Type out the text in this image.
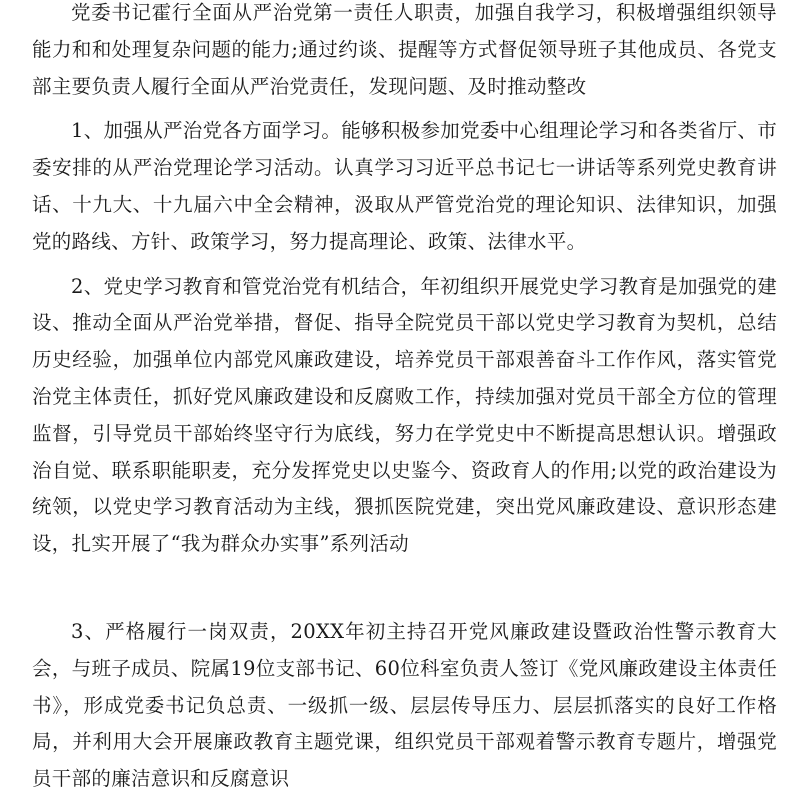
党委书记霍行全面从严治党第一责任人职责，加强自我学习，积极增强组织领导能力和和处理复杂问题的能力;通过约谈、提醒等方式督促领导班子其他成员、各党支部主要负责人履行全面从严治党责任，发现问题、及时推动整改

1、加强从严治党各方面学习。能够积极参加党委中心组理论学习和各类省厅、市委安排的从严治党理论学习活动。认真学习习近平总书记七一讲话等系列党史教育讲话、十九大、十九届六中全会精神，汲取从严管党治党的理论知识、法律知识，加强党的路线、方针、政策学习，努力提高理论、政策、法律水平。

2、党史学习教育和管党治党有机结合，年初组织开展党史学习教育是加强党的建设、推动全面从严治党举措，督促、指导全院党员干部以党史学习教育为契机，总结历史经验，加强单位内部党风廉政建设，培养党员干部艰善奋斗工作作风，落实管党治党主体责任，抓好党风廉政建设和反腐败工作，持续加强对党员干部全方位的管理监督，引导党员干部始终坚守行为底线，努力在学党史中不断提高思想认识。增强政治自觉、联系职能职麦，充分发挥党史以史鉴今、资政育人的作用;以党的政治建设为统领，以党史学习教育活动为主线，猥抓医院党建，突出党风廉政建设、意识形态建设，扎实开展了“我为群众办实事”系列活动

3、严格履行一岗双责，20XX年初主持召开党风廉政建设暨政治性警示教育大会，与班子成员、院属19位支部书记、60位科室负责人签订《党风廉政建设主体责任书》，形成党委书记负总责、一级抓一级、层层传导压力、层层抓落实的良好工作格局，并利用大会开展廉政教育主题党课，组织党员干部观着警示教育专题片，增强党员干部的廉洁意识和反腐意识
